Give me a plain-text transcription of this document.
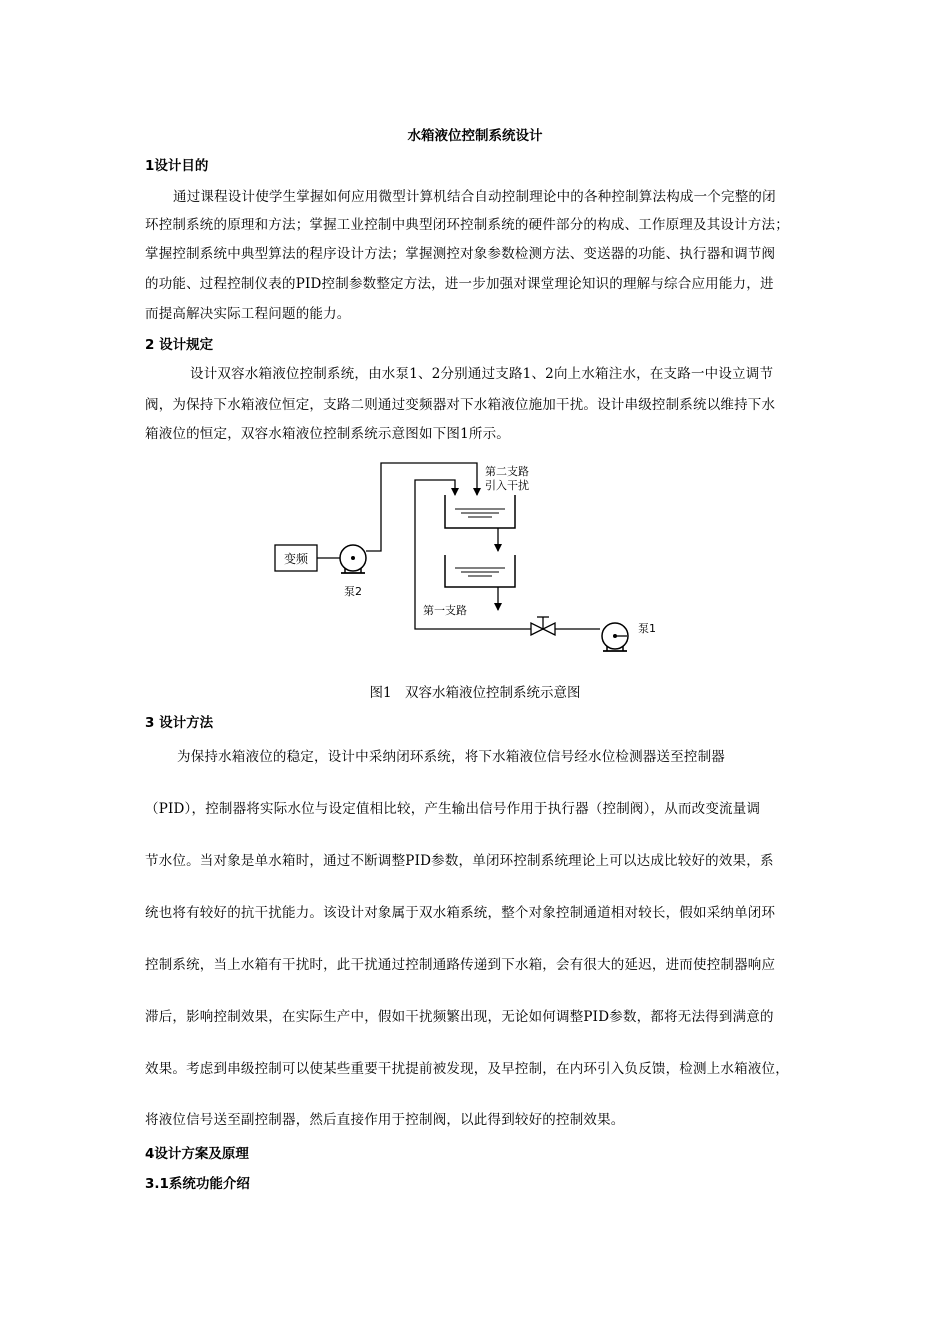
水箱液位控制系统设计
1设计目的
通过课程设计使学生掌握如何应用微型计算机结合自动控制理论中的各种控制算法构成一个完整的闭
环控制系统的原理和方法；掌握工业控制中典型闭环控制系统的硬件部分的构成、工作原理及其设计方法；
掌握控制系统中典型算法的程序设计方法；掌握测控对象参数检测方法、变送器的功能、执行器和调节阀
的功能、过程控制仪表的PID控制参数整定方法，进一步加强对课堂理论知识的理解与综合应用能力，进
而提高解决实际工程问题的能力。
2 设计规定
设计双容水箱液位控制系统，由水泵1、2分别通过支路1、2向上水箱注水，在支路一中设立调节
阀，为保持下水箱液位恒定，支路二则通过变频器对下水箱液位施加干扰。设计串级控制系统以维持下水
箱液位的恒定，双容水箱液位控制系统示意图如下图1所示。
变频
泵2
第二支路
引入干扰
第一支路
泵1
图1　双容水箱液位控制系统示意图
3 设计方法
为保持水箱液位的稳定，设计中采纳闭环系统，将下水箱液位信号经水位检测器送至控制器
（PID），控制器将实际水位与设定值相比较，产生输出信号作用于执行器（控制阀），从而改变流量调
节水位。当对象是单水箱时，通过不断调整PID参数，单闭环控制系统理论上可以达成比较好的效果，系
统也将有较好的抗干扰能力。该设计对象属于双水箱系统，整个对象控制通道相对较长，假如采纳单闭环
控制系统，当上水箱有干扰时，此干扰通过控制通路传递到下水箱，会有很大的延迟，进而使控制器响应
滞后，影响控制效果，在实际生产中，假如干扰频繁出现，无论如何调整PID参数，都将无法得到满意的
效果。考虑到串级控制可以使某些重要干扰提前被发现，及早控制，在内环引入负反馈，检测上水箱液位，
将液位信号送至副控制器，然后直接作用于控制阀，以此得到较好的控制效果。
4设计方案及原理
3.1系统功能介绍
